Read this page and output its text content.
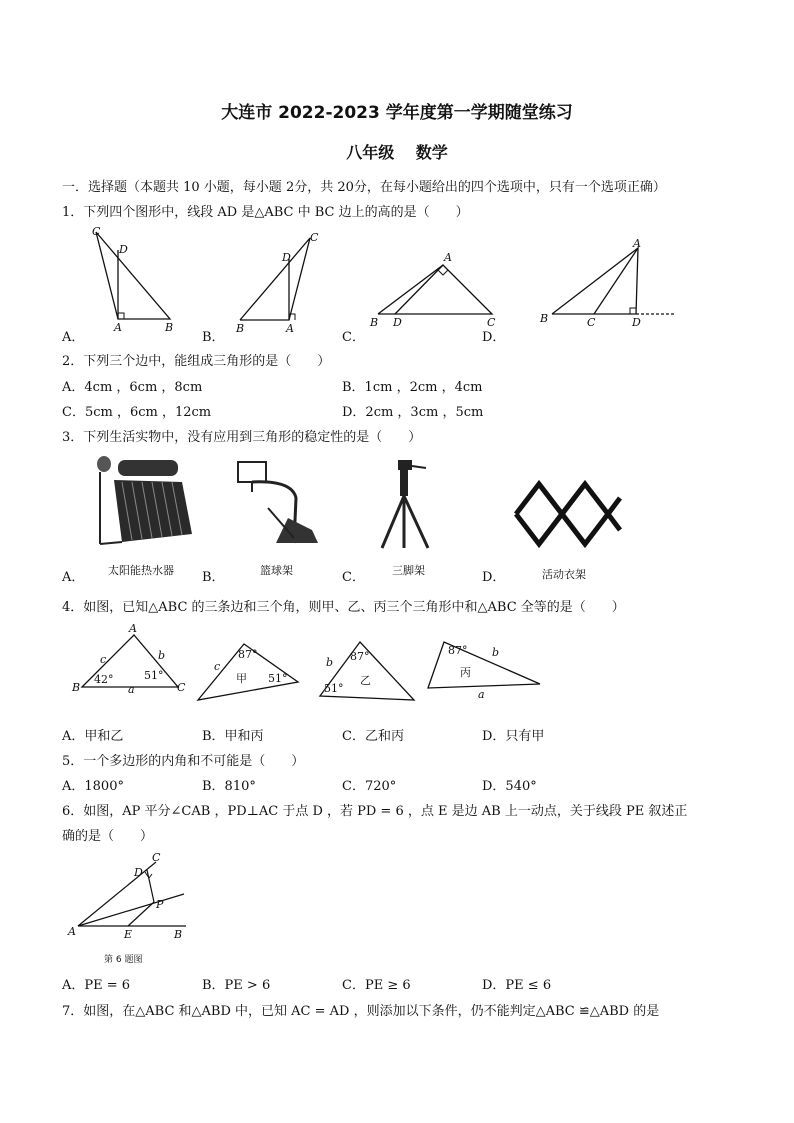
大连市 2022-2023 学年度第一学期随堂练习
八年级　 数学
一．选择题（本题共 10 小题，每小题 2分，共 20分，在每小题给出的四个选项中，只有一个选项正确）
1．下列四个图形中，线段 AD 是△ABC 中 BC 边上的高的是（　　）
C
D
A	B
C
D
B	A
A
B D	C
A
B	C	D
A．	B．	C．	D．
2．下列三个边中，能组成三角形的是（　　）
A．4cm ，6cm ，8cm	B．1cm ，2cm ，4cm
C．5cm ，6cm ，12cm	D．2cm ，3cm ，5cm
3．下列生活实物中，没有应用到三角形的稳定性的是（　　）
太阳能热水器	篮球架	三脚架	活动衣架
A．	B．	C．	D．
4．如图，已知△ABC 的三条边和三个角，则甲、乙、丙三个三角形中和△ABC 全等的是（　　）
A
B	C
a
b
c
42°	51°
c
87°
甲 51°
b 87°
乙
51°
87° b
丙
a
A．甲和乙	B．甲和丙	C．乙和丙	D．只有甲
5．一个多边形的内角和不可能是（　　）
A．1800°	B．810°	C．720°	D．540°
6．如图，AP 平分∠CAB ，PD⊥AC 于点 D ，若 PD = 6 ，点 E 是边 AB 上一动点，关于线段 PE 叙述正
确的是（　　）
C
D
P
A	E	B
第 6 题图
A．PE = 6	B．PE > 6	C．PE ≥ 6	D．PE ≤ 6
7．如图，在△ABC 和△ABD 中，已知 AC = AD ，则添加以下条件，仍不能判定△ABC ≌△ABD 的是
